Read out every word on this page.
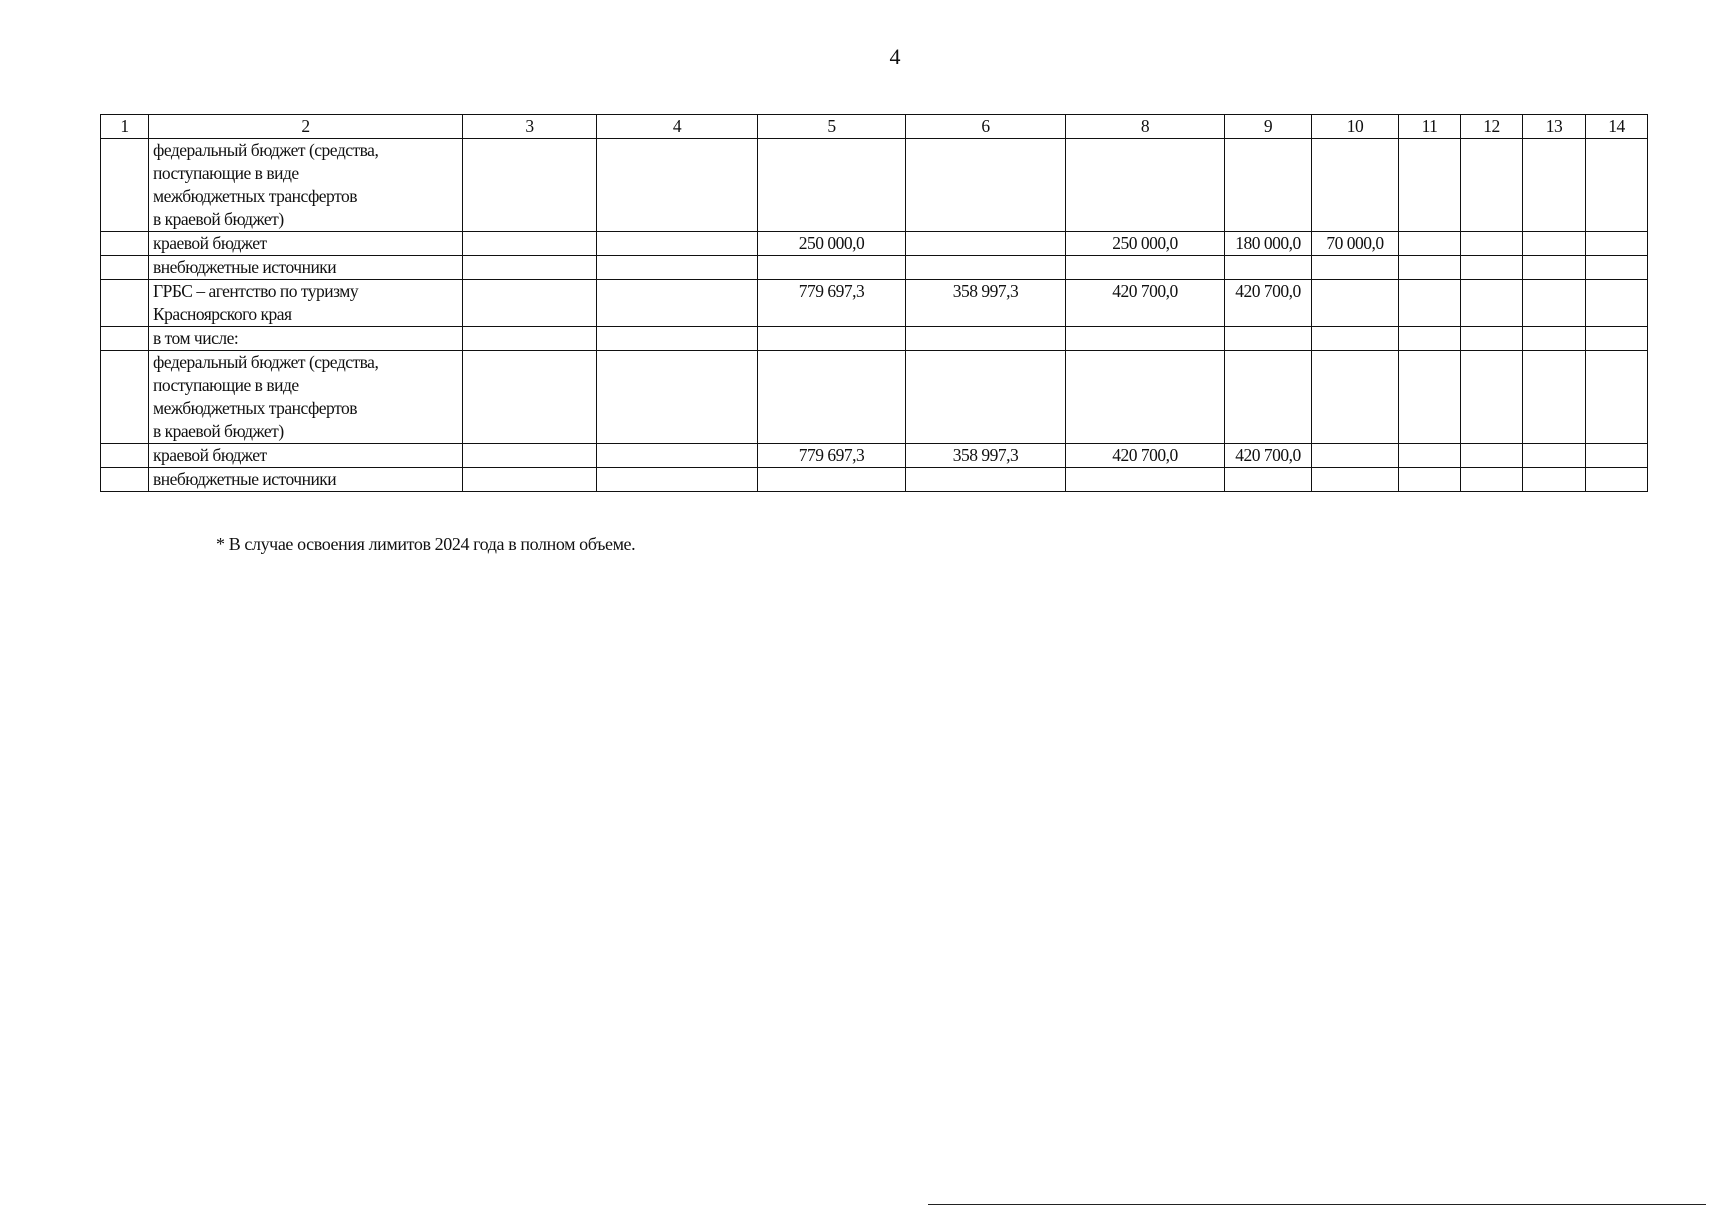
4
1	2	3	4	5	6	8	9	10	11	12	13	14
	федеральный бюджет (средства,
поступающие в виде
межбюджетных трансфертов
в краевой бюджет)											
	краевой бюджет			250 000,0		250 000,0	180 000,0	70 000,0				
	внебюджетные источники											
	ГРБС – агентство по туризму
Красноярского края			779 697,3	358 997,3	420 700,0	420 700,0					
	в том числе:											
	федеральный бюджет (средства,
поступающие в виде
межбюджетных трансфертов
в краевой бюджет)											
	краевой бюджет			779 697,3	358 997,3	420 700,0	420 700,0					
	внебюджетные источники											
* В случае освоения лимитов 2024 года в полном объеме.
